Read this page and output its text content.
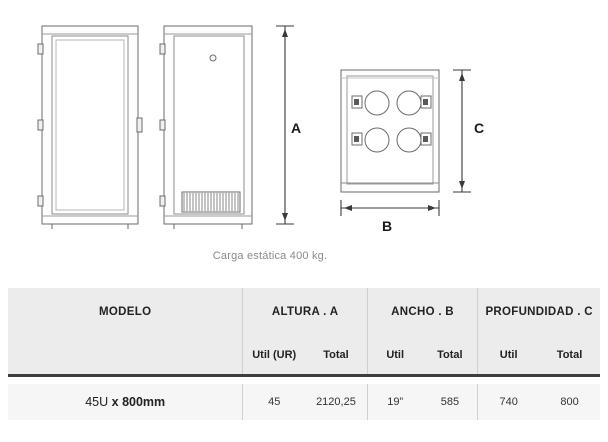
A
B
C
Carga estática 400 kg.
MODELO	ALTURA . A		ANCHO . B		PROFUNDIDAD . C	
	Util (UR)	Total	Util	Total	Util	Total

45U x 800mm	45	2120,25	19”	585	740	800
